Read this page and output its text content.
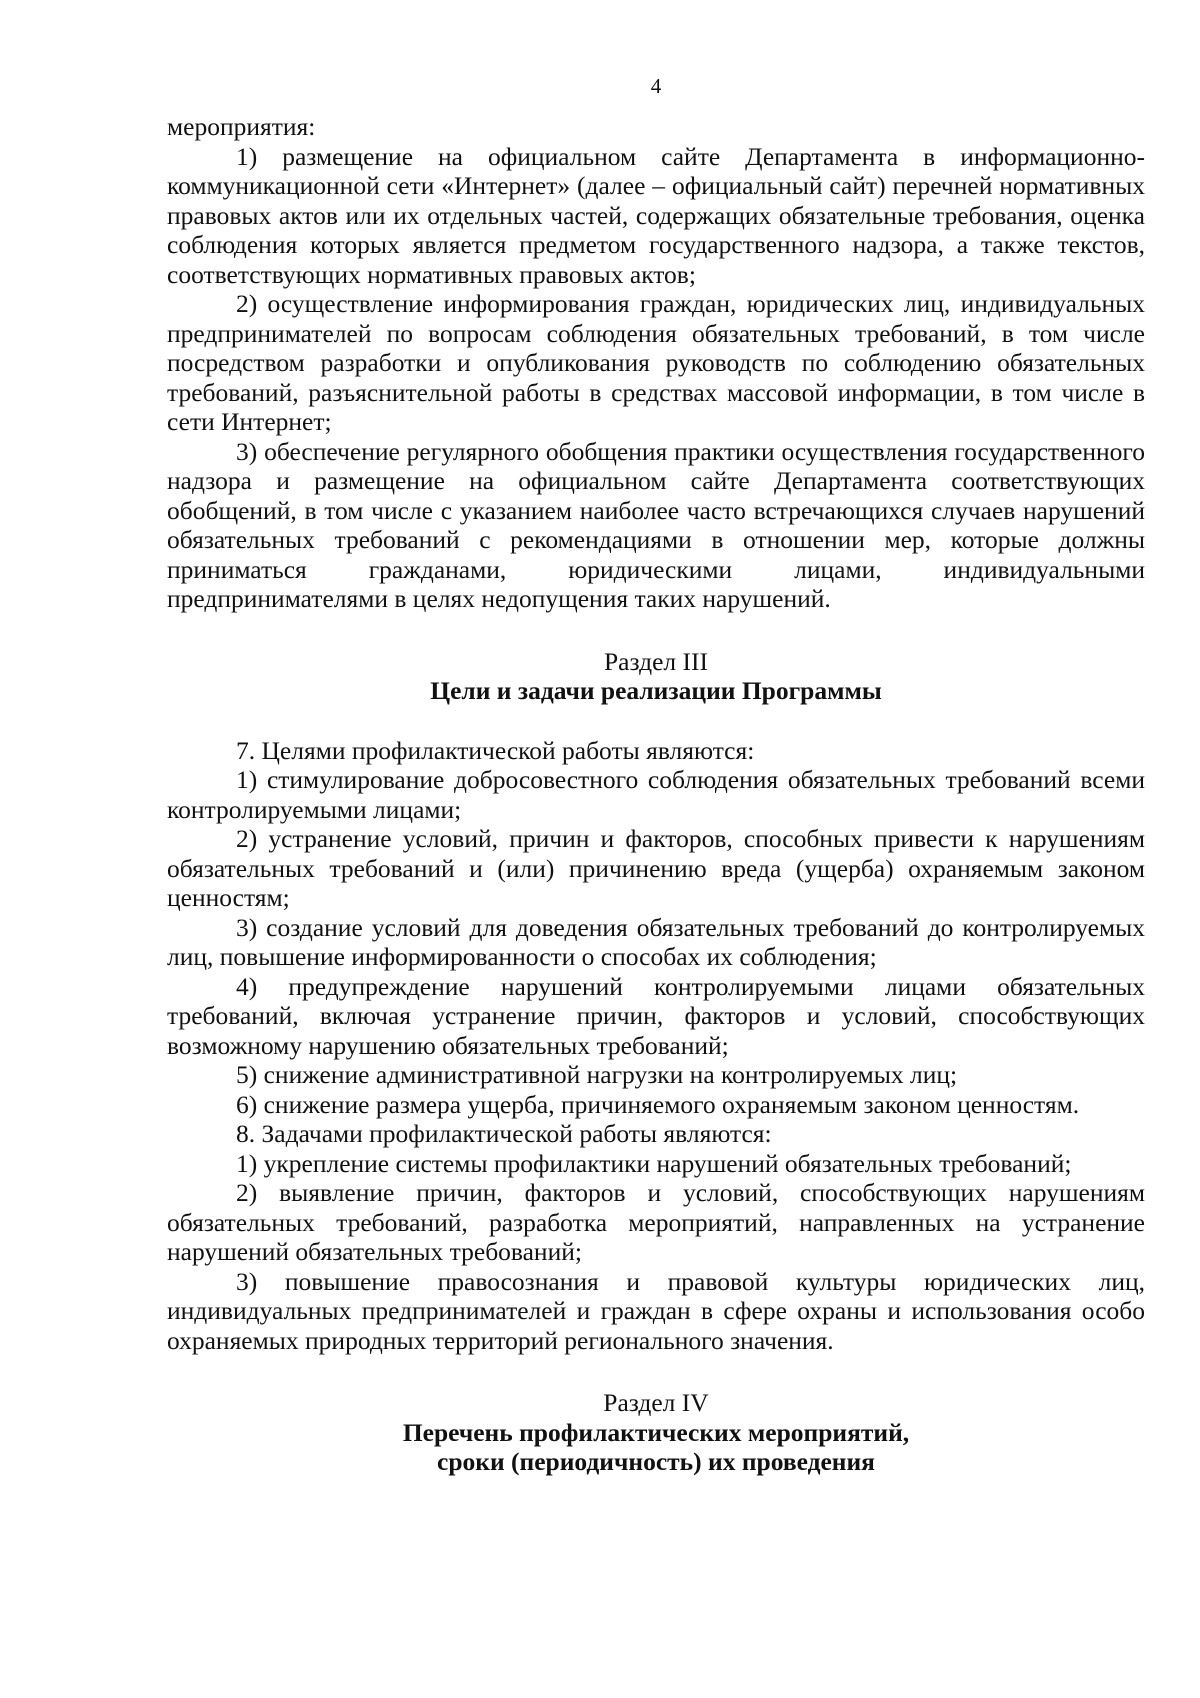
4

мероприятия:

1) размещение на официальном сайте Департамента в информационно-коммуникационной сети «Интернет» (далее – официальный сайт) перечней нормативных правовых актов или их отдельных частей, содержащих обязательные требования, оценка соблюдения которых является предметом государственного надзора, а также текстов, соответствующих нормативных правовых актов;

2) осуществление информирования граждан, юридических лиц, индивидуальных предпринимателей по вопросам соблюдения обязательных требований, в том числе посредством разработки и опубликования руководств по соблюдению обязательных требований, разъяснительной работы в средствах массовой информации, в том числе в сети Интернет;

3) обеспечение регулярного обобщения практики осуществления государственного надзора и размещение на официальном сайте Департамента соответствующих обобщений, в том числе с указанием наиболее часто встречающихся случаев нарушений обязательных требований с рекомендациями в отношении мер, которые должны приниматься гражданами, юридическими лицами, индивидуальными предпринимателями в целях недопущения таких нарушений.

Раздел III

Цели и задачи реализации Программы

7. Целями профилактической работы являются:

1) стимулирование добросовестного соблюдения обязательных требований всеми контролируемыми лицами;

2) устранение условий, причин и факторов, способных привести к нарушениям обязательных требований и (или) причинению вреда (ущерба) охраняемым законом ценностям;

3) создание условий для доведения обязательных требований до контролируемых лиц, повышение информированности о способах их соблюдения;

4) предупреждение нарушений контролируемыми лицами обязательных требований, включая устранение причин, факторов и условий, способствующих возможному нарушению обязательных требований;

5) снижение административной нагрузки на контролируемых лиц;

6) снижение размера ущерба, причиняемого охраняемым законом ценностям.

8. Задачами профилактической работы являются:

1) укрепление системы профилактики нарушений обязательных требований;

2) выявление причин, факторов и условий, способствующих нарушениям обязательных требований, разработка мероприятий, направленных на устранение нарушений обязательных требований;

3) повышение правосознания и правовой культуры юридических лиц, индивидуальных предпринимателей и граждан в сфере охраны и использования особо охраняемых природных территорий регионального значения.

Раздел IV

Перечень профилактических мероприятий,

сроки (периодичность) их проведения
